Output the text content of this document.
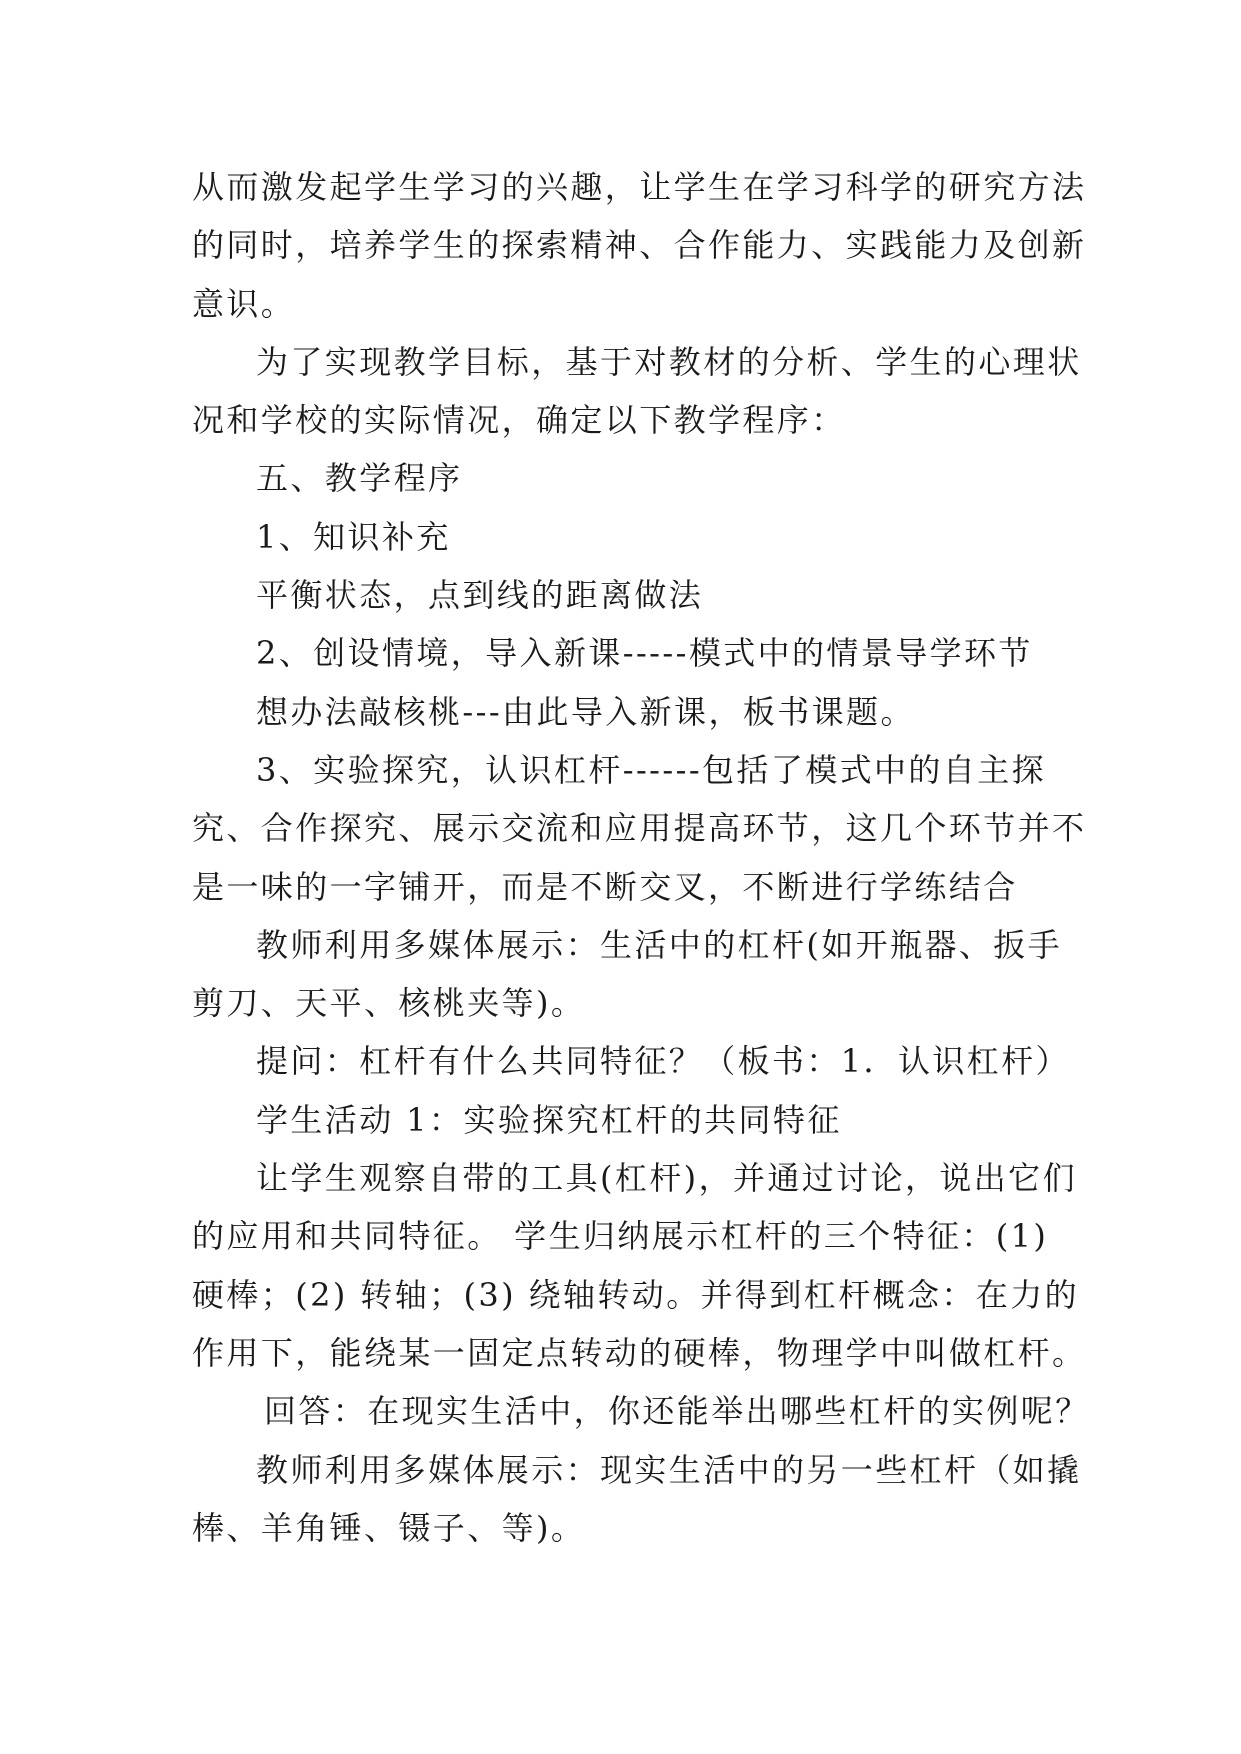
从而激发起学生学习的兴趣，让学生在学习科学的研究方法
的同时，培养学生的探索精神、合作能力、实践能力及创新
意识。
为了实现教学目标，基于对教材的分析、学生的心理状
况和学校的实际情况，确定以下教学程序：
五、教学程序
1、知识补充
平衡状态，点到线的距离做法
2、创设情境，导入新课-----模式中的情景导学环节
想办法敲核桃---由此导入新课，板书课题。
3、实验探究，认识杠杆------包括了模式中的自主探
究、合作探究、展示交流和应用提高环节，这几个环节并不
是一味的一字铺开，而是不断交叉，不断进行学练结合
教师利用多媒体展示：生活中的杠杆(如开瓶器、扳手
剪刀、天平、核桃夹等)。
提问：杠杆有什么共同特征？（板书：1．认识杠杆）
学生活动 1：实验探究杠杆的共同特征
让学生观察自带的工具(杠杆)，并通过讨论，说出它们
的应用和共同特征。 学生归纳展示杠杆的三个特征：(1)
硬棒；(2) 转轴；(3) 绕轴转动。并得到杠杆概念：在力的
作用下，能绕某一固定点转动的硬棒，物理学中叫做杠杆。
回答：在现实生活中，你还能举出哪些杠杆的实例呢？
教师利用多媒体展示：现实生活中的另一些杠杆（如撬
棒、羊角锤、镊子、等)。
